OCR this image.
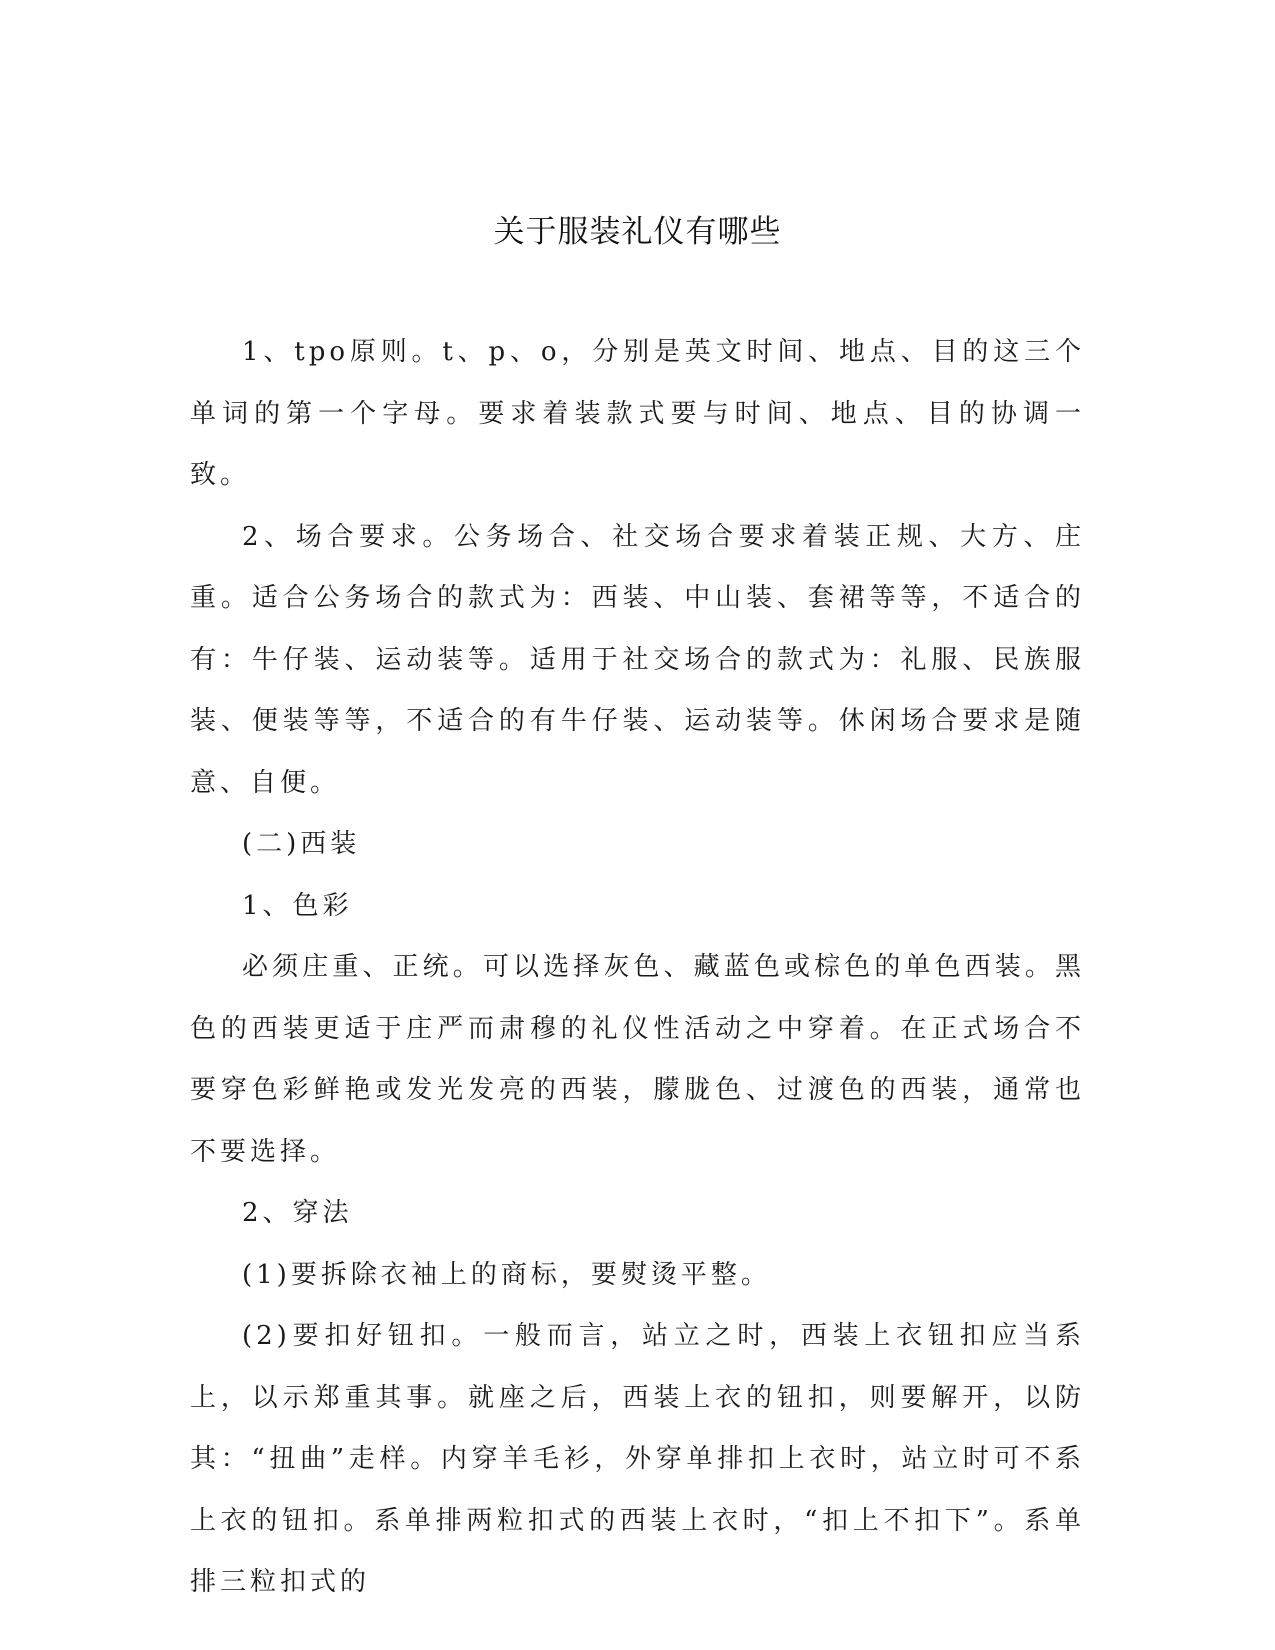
关于服装礼仪有哪些

1、tpo原则。t、p、o，分别是英文时间、地点、目的这三个单词的第一个字母。要求着装款式要与时间、地点、目的协调一致。

2、场合要求。公务场合、社交场合要求着装正规、大方、庄重。适合公务场合的款式为：西装、中山装、套裙等等，不适合的有：牛仔装、运动装等。适用于社交场合的款式为：礼服、民族服装、便装等等，不适合的有牛仔装、运动装等。休闲场合要求是随意、自便。

(二)西装

1、色彩

必须庄重、正统。可以选择灰色、藏蓝色或棕色的单色西装。黑色的西装更适于庄严而肃穆的礼仪性活动之中穿着。在正式场合不要穿色彩鲜艳或发光发亮的西装，朦胧色、过渡色的西装，通常也不要选择。

2、穿法

(1)要拆除衣袖上的商标，要熨烫平整。

(2)要扣好钮扣。一般而言，站立之时，西装上衣钮扣应当系上，以示郑重其事。就座之后，西装上衣的钮扣，则要解开，以防其：“扭曲”走样。内穿羊毛衫，外穿单排扣上衣时，站立时可不系上衣的钮扣。系单排两粒扣式的西装上衣时，“扣上不扣下”。系单排三粒扣式的
